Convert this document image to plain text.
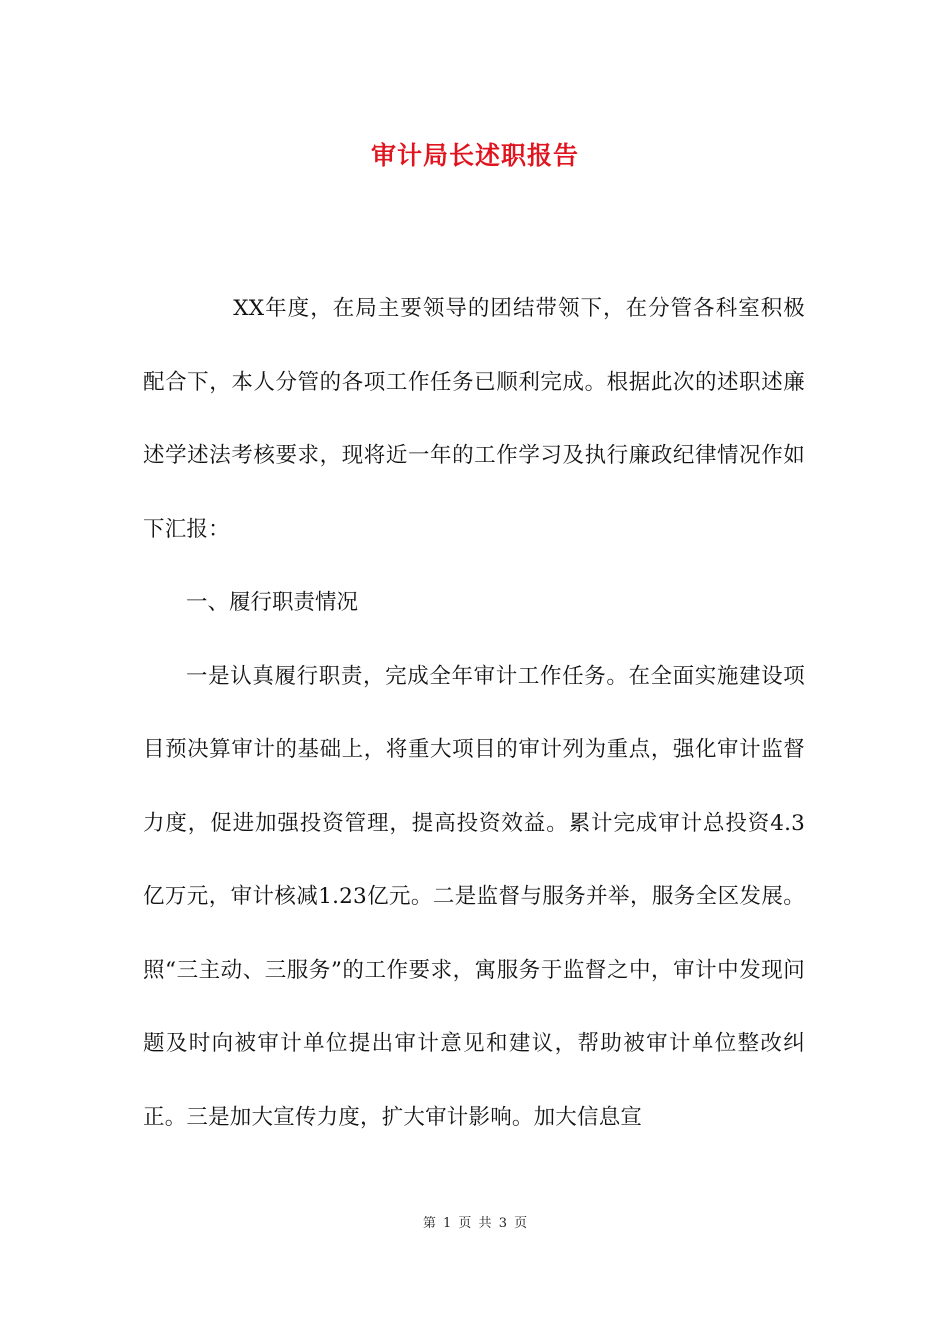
审计局长述职报告

XX年度，在局主要领导的团结带领下，在分管各科室积极配合下，本人分管的各项工作任务已顺利完成。根据此次的述职述廉述学述法考核要求，现将近一年的工作学习及执行廉政纪律情况作如下汇报：

一、履行职责情况

一是认真履行职责，完成全年审计工作任务。在全面实施建设项目预决算审计的基础上，将重大项目的审计列为重点，强化审计监督力度，促进加强投资管理，提高投资效益。累计完成审计总投资4.3亿万元，审计核减1.23亿元。二是监督与服务并举，服务全区发展。照“三主动、三服务”的工作要求，寓服务于监督之中，审计中发现问题及时向被审计单位提出审计意见和建议，帮助被审计单位整改纠正。三是加大宣传力度，扩大审计影响。加大信息宣

第 1 页 共 3 页
